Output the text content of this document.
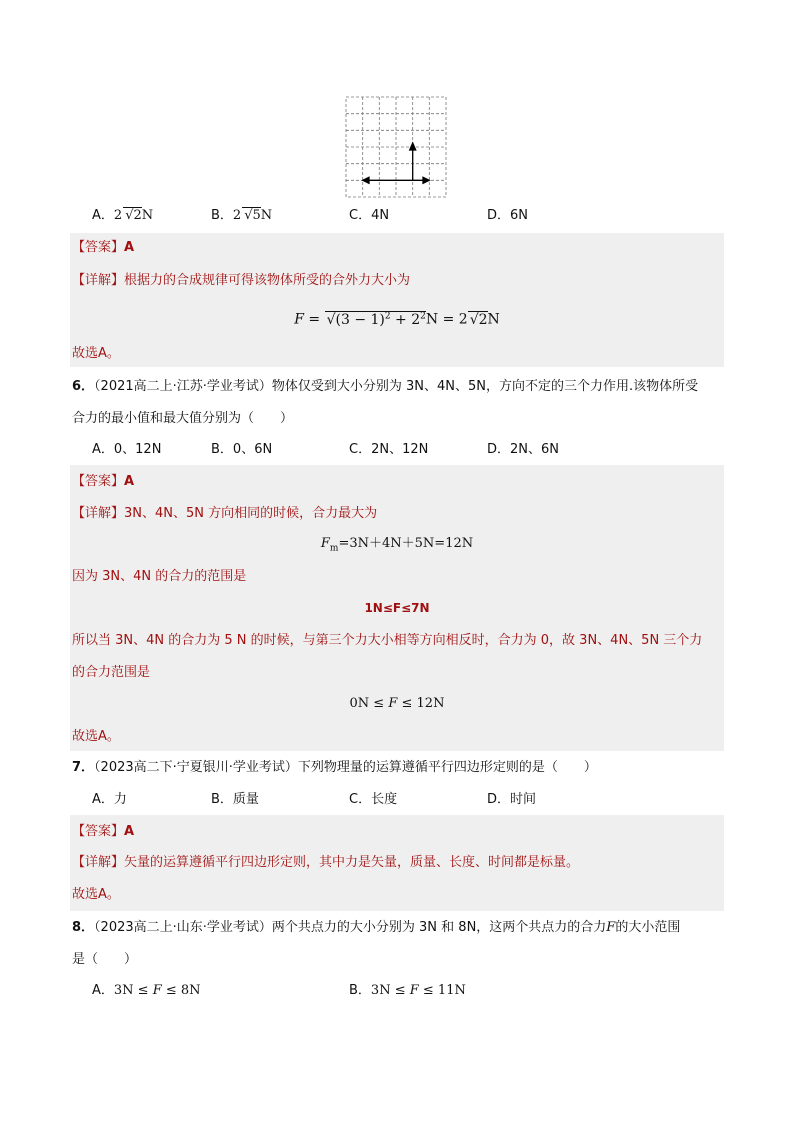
A．2 √2N	B．2 √5N	C．4N	D．6N
【答案】A
【详解】根据力的合成规律可得该物体所受的合外力大小为
$F = √(3 - 1)^2 + 2^2N = 2$ √2N
故选A。
6．（2021高二上·江苏·学业考试）物体仅受到大小分别为 3N、4N、5N，方向不定的三个力作用.该物体所受
合力的最小值和最大值分别为（　　）
A．0、12N	B．0、6N	C．2N、12N	D．2N、6N
【答案】A
【详解】3N、4N、5N 方向相同的时候，合力最大为
$F_m=3N+4N+5N=12N$
因为 3N、4N 的合力的范围是
1N≤F≤7N
所以当 3N、4N 的合力为 5 N 的时候，与第三个力大小相等方向相反时，合力为 0，故 3N、4N、5N 三个力
的合力范围是
0N ≤ F ≤ 12N
故选A。
7．（2023高二下·宁夏银川·学业考试）下列物理量的运算遵循平行四边形定则的是（　　）
A．力	B．质量	C．长度	D．时间
【答案】A
【详解】矢量的运算遵循平行四边形定则，其中力是矢量，质量、长度、时间都是标量。
故选A。
8．（2023高二上·山东·学业考试）两个共点力的大小分别为 3N 和 8N，这两个共点力的合力F的大小范围
是（　　）
A．3N ≤ F ≤ 8N	B．3N ≤ F ≤ 11N
